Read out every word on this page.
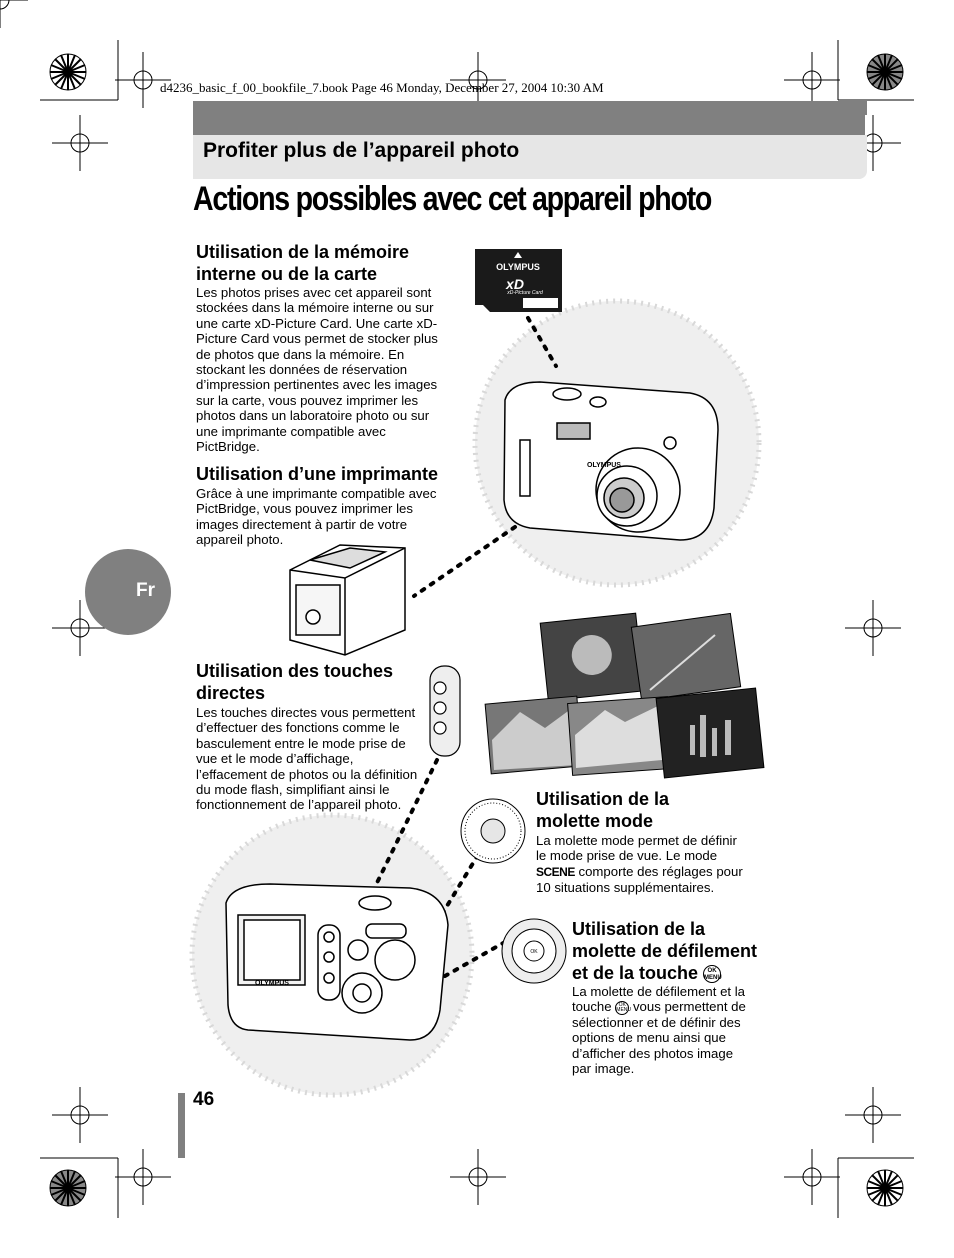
d4236_basic_f_00_bookfile_7.book Page 46 Monday, December 27, 2004 10:30 AM
Profiter plus de l’appareil photo
Actions possibles avec cet appareil photo
OLYMPUS
xD
xD-Picture Card
OLYMPUS
OK
OLYMPUS
Utilisation de la mémoire
interne ou de la carte
Les photos prises avec cet appareil sont
stockées dans la mémoire interne ou sur
une carte xD-Picture Card. Une carte xD-
Picture Card vous permet de stocker plus
de photos que dans la mémoire. En
stockant les données de réservation
d’impression pertinentes avec les images
sur la carte, vous pouvez imprimer les
photos dans un laboratoire photo ou sur
une imprimante compatible avec
PictBridge.
Utilisation d’une imprimante
Grâce à une imprimante compatible avec
PictBridge, vous pouvez imprimer les
images directement à partir de votre
appareil photo.
Utilisation des touches
directes
Les touches directes vous permettent
d’effectuer des fonctions comme le
basculement entre le mode prise de
vue et le mode d’affichage,
l’effacement de photos ou la définition
du mode flash, simplifiant ainsi le
fonctionnement de l’appareil photo.	Utilisation de la
molette mode
La molette mode permet de définir
le mode prise de vue. Le mode
SCENE comporte des réglages pour
10 situations supplémentaires.
Utilisation de la
molette de défilement
et de la touche OK
MENU
La molette de défilement et la
touche OK
MENU vous permettent de
sélectionner et de définir des
options de menu ainsi que
d’afficher des photos image
par image.
Fr
46
